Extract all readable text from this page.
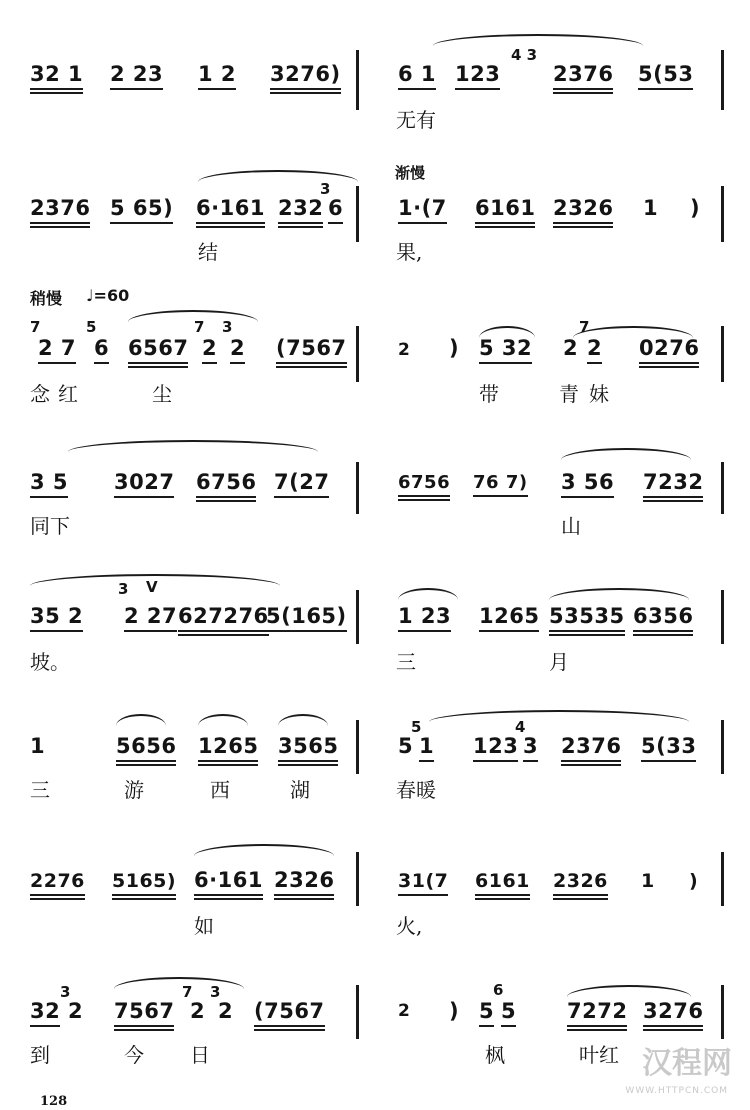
32 1 2 23 1 2 3276)	6 1 123
4 3
2376 5(53
无有
2376 5 65) 6·161 232
3
6
结
渐慢
1·(7 6161 2326 1 )
果,
稍慢 ♩=60
7
2 7
5
6 6567
7
2
3
2 (7567
念红	尘
2 ) 5 32 2
7
2 0276
带	青妹
3 5 3027 6756 7(27
同下
6756 76 7) 3 56 7232
山
3 V
35 2 2 27 627276
5(165)
坡。
1 23 1265 53535 6356
三	月
1	5656 1265 3565
三	游	西	湖
5
5
1 123
4
3 2376 5(33
春暖
2276 5165) 6·161 2326
如
31(7 6161 2326 1 )
火,
32
3
2 7567
7
2
3
2 (7567
到	今 日
2 ) 5
6
5 7272 3276
枫	叶红
128
汉程网
WWW.HTTPCN.COM
